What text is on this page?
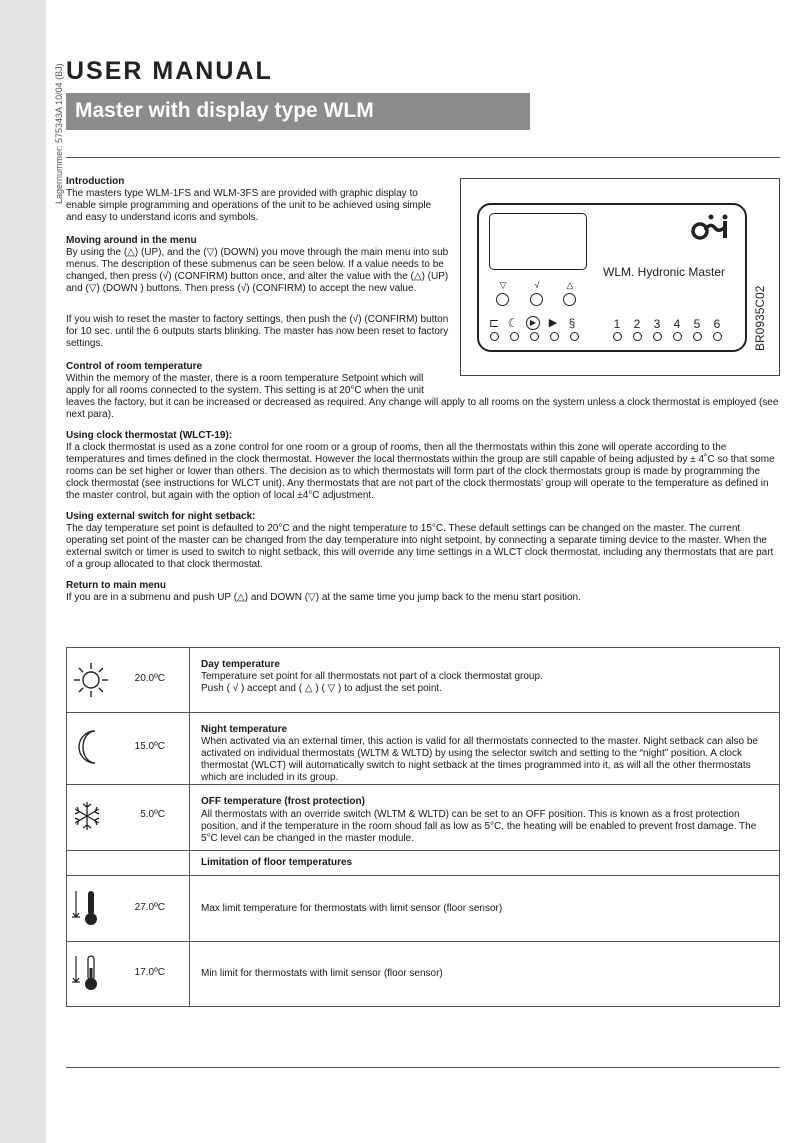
Lagernummer: 575343A 10/04 (BJ) USER MANUAL
Master with display type WLM
Introduction

The masters type WLM-1FS and WLM-3FS are provided with graphic display to enable simple programming and operations of the unit to be achieved using simple and easy to understand icons and symbols.

Moving around in the menu

By using the (△) (UP), and the (▽) (DOWN) you move through the main menu into sub menus. The description of these submenus can be seen below. If a value needs to be changed, then press (√) (CONFIRM) button once, and alter the value with the (△) (UP) and (▽) (DOWN ) buttons. Then press (√) (CONFIRM) to accept the new value.

If you wish to reset the master to factory settings, then push the (√) (CONFIRM) button for 10 sec. until the 6 outputs starts blinking. The master has now been reset to factory settings.

Control of room temperature

Within the memory of the master, there is a room temperature Setpoint which will apply for all rooms connected to the system. This setting is at 20°C when the unit

leaves the factory, but it can be increased or decreased as required. Any change will apply to all rooms on the system unless a clock thermostat is employed (see next para).

Using clock thermostat (WLCT-19):

If a clock thermostat is used as a zone control for one room or a group of rooms, then all the thermostats within this zone will operate according to the temperatures and times defined in the clock thermostat. However the local thermostats within the group are still capable of being adjusted by ± 4˚C so that some rooms can be set higher or lower than others. The decision as to which thermostats will form part of the clock thermostats group is made by programming the clock thermostat (see instructions for WLCT unit). Any thermostats that are not part of the clock thermostats’ group will operate to the temperature as defined in the master control, but again with the option of local ±4°C adjustment.

Using external switch for night setback:

The day temperature set point is defaulted to 20°C and the night temperature to 15°C. These default settings can be changed on the master. The current operating set point of the master can be changed from the day temperature into night setpoint, by connecting a separate timing device to the master. When the external switch or timer is used to switch to night setback, this will override any time settings in a WLCT clock thermostat, including any thermostats that are part of a group allocated to that clock thermostat.

Return to main menu

If you are in a submenu and push UP (△) and DOWN (▽) at the same time you jump back to the menu start position.

WLM. Hydronic Master
▽	√	△
⊏ ☾	▶	▶ §	1	2	3	4	5	6	BR0935C02
20.0ºC	Day temperature
Temperature set point for all thermostats not part of a clock thermostat group.
Push ( √ ) accept and ( △ ) ( ▽ ) to adjust the set point.

15.0ºC	Night temperature
When activated via an external timer, this action is valid for all thermostats connected to the master. Night setback can also be activated on individual thermostats (WLTM & WLTD) by using the selector switch and setting to the “night” position. A clock thermostat (WLCT) will automatically switch to night setback at the times programmed into it, as will all the other thermostats which are included in its group.

5.0ºC	OFF temperature (frost protection)
All thermostats with an override switch (WLTM & WLTD) can be set to an OFF position. This is known as a frost protection position, and if the temperature in the room shoud fall as low as 5°C, the heating will be enabled to prevent frost damage. The 5°C level can be changed in the master module.

	Limitation of floor temperatures

27.0ºC	Max limit temperature for thermostats with limit sensor (floor sensor)

17.0ºC	Min limit for thermostats with limit sensor (floor sensor)
